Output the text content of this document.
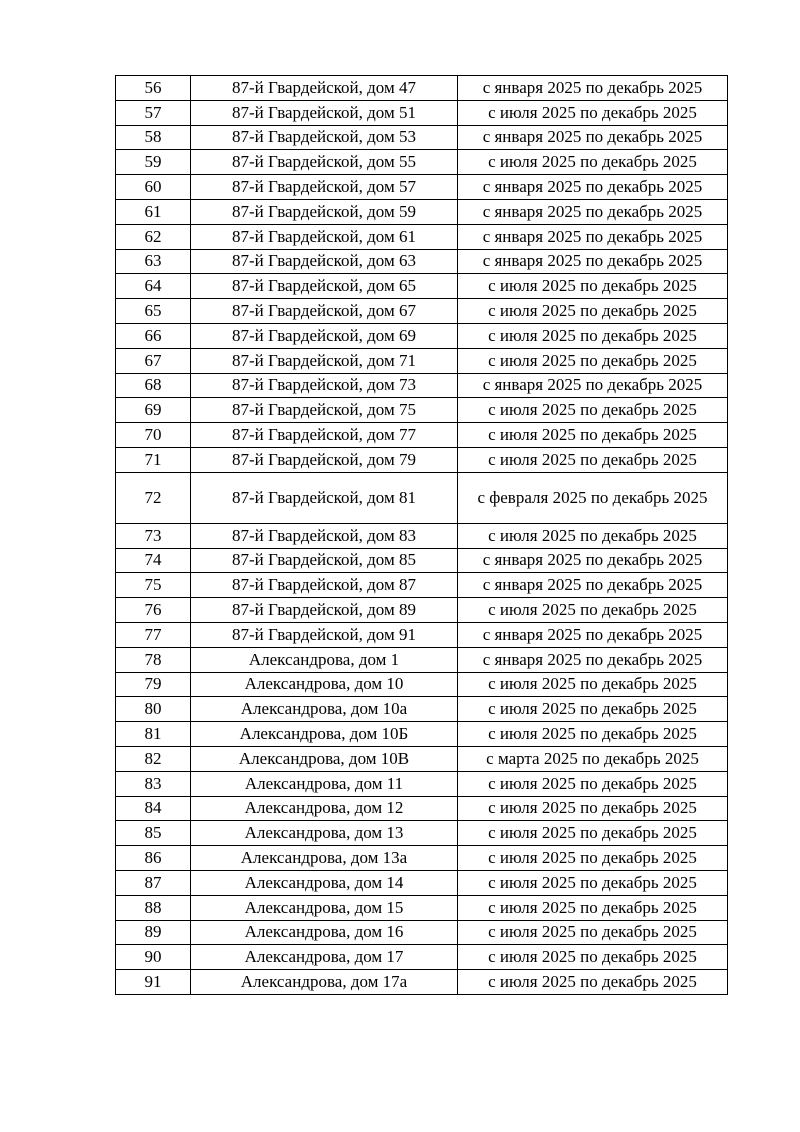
56	87-й Гвардейской, дом 47	с января 2025 по декабрь 2025
57	87-й Гвардейской, дом 51	с июля 2025 по декабрь 2025
58	87-й Гвардейской, дом 53	с января 2025 по декабрь 2025
59	87-й Гвардейской, дом 55	с июля 2025 по декабрь 2025
60	87-й Гвардейской, дом 57	с января 2025 по декабрь 2025
61	87-й Гвардейской, дом 59	с января 2025 по декабрь 2025
62	87-й Гвардейской, дом 61	с января 2025 по декабрь 2025
63	87-й Гвардейской, дом 63	с января 2025 по декабрь 2025
64	87-й Гвардейской, дом 65	с июля 2025 по декабрь 2025
65	87-й Гвардейской, дом 67	с июля 2025 по декабрь 2025
66	87-й Гвардейской, дом 69	с июля 2025 по декабрь 2025
67	87-й Гвардейской, дом 71	с июля 2025 по декабрь 2025
68	87-й Гвардейской, дом 73	с января 2025 по декабрь 2025
69	87-й Гвардейской, дом 75	с июля 2025 по декабрь 2025
70	87-й Гвардейской, дом 77	с июля 2025 по декабрь 2025
71	87-й Гвардейской, дом 79	с июля 2025 по декабрь 2025
72	87-й Гвардейской, дом 81	с февраля 2025 по декабрь 2025
73	87-й Гвардейской, дом 83	с июля 2025 по декабрь 2025
74	87-й Гвардейской, дом 85	с января 2025 по декабрь 2025
75	87-й Гвардейской, дом 87	с января 2025 по декабрь 2025
76	87-й Гвардейской, дом 89	с июля 2025 по декабрь 2025
77	87-й Гвардейской, дом 91	с января 2025 по декабрь 2025
78	Александрова, дом 1	с января 2025 по декабрь 2025
79	Александрова, дом 10	с июля 2025 по декабрь 2025
80	Александрова, дом 10а	с июля 2025 по декабрь 2025
81	Александрова, дом 10Б	с июля 2025 по декабрь 2025
82	Александрова, дом 10В	с марта 2025 по декабрь 2025
83	Александрова, дом 11	с июля 2025 по декабрь 2025
84	Александрова, дом 12	с июля 2025 по декабрь 2025
85	Александрова, дом 13	с июля 2025 по декабрь 2025
86	Александрова, дом 13а	с июля 2025 по декабрь 2025
87	Александрова, дом 14	с июля 2025 по декабрь 2025
88	Александрова, дом 15	с июля 2025 по декабрь 2025
89	Александрова, дом 16	с июля 2025 по декабрь 2025
90	Александрова, дом 17	с июля 2025 по декабрь 2025
91	Александрова, дом 17а	с июля 2025 по декабрь 2025
